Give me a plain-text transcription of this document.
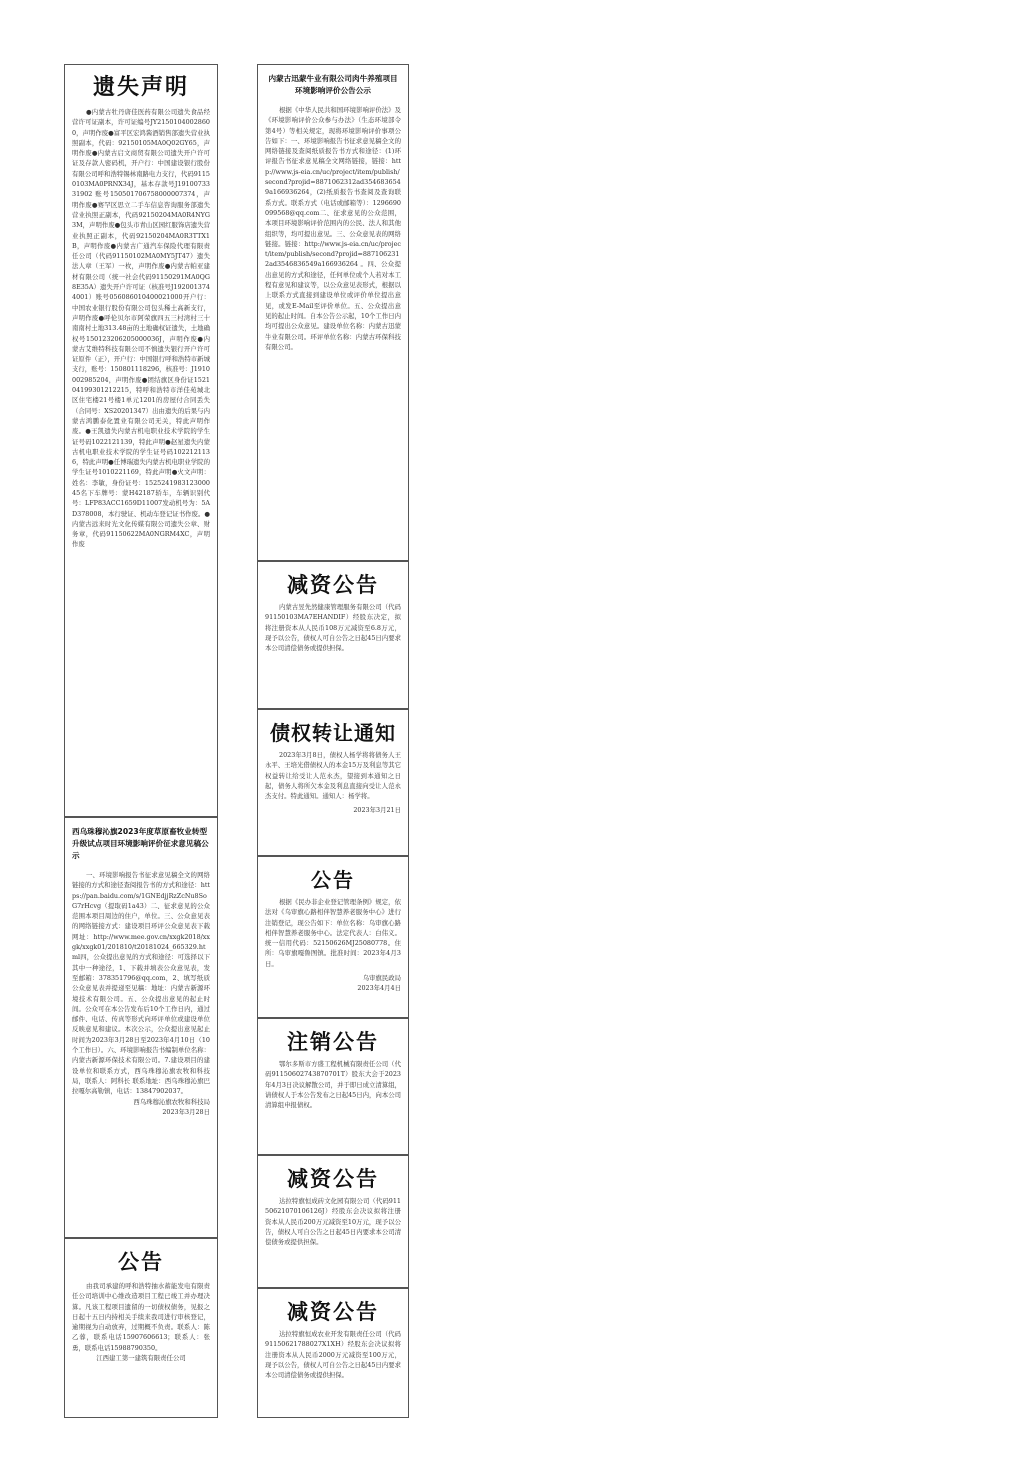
遗失声明
●内蒙古牡丹唐佳医药有限公司遗失食品经营许可证副本，许可证编号JY21501040028600，声明作废●富平区宏鸿酱酒销售部遗失营业执照副本，代码：92150105MA0Q02GY65，声明作废●内蒙古启文商贸有限公司遗失开户许可证及存款人密码机，开户行：中国建设银行股份有限公司呼和浩特锡林南路电力支行，代码91150103MA0PRNX34J，基本存款号J1910073331902 账号150501706758000007374，声明作废●赛罕区思立二手车信息咨询服务部遗失营业执照正副本，代码92150204MA0R4NYG3M，声明作废●包头市青山区园红服饰店遗失营业执照正副本，代码92150204MA0R3TTX1B，声明作废●内蒙古广通汽车保险代理有限责任公司（代码91150102MA0MY5JT47）遗失法人章（王军）一枚，声明作废●内蒙古帕亚建材有限公司（统一社会代码91150291MA0QG8E35A）遗失开户许可证（核准号J1920013744001）账号056086010400021000开户行：中国农业银行股份有限公司包头稀土高新支行，声明作废●呼伦贝尔市阿荣旗四五三村湾村三十南南村土地313.48亩的土地确权证遗失，土地确权号150123206205000036J，声明作废●内蒙古艾维特科技有限公司不慎遗失银行开户许可证原件（正），开户行：中国银行呼和浩特市新城支行，账号：150801118296，核准号：J1910002985204，声明作废●团结旗区身份证152104199301212215，特呼和浩特市洋佳苑城北区住宅楼21号楼1单元1201的房屋付合同丢失（合同号：XS20201347）出由遗失的后果与内蒙古鸿鹏泰化置业有限公司无关，特此声明作废。●王凯遗失内蒙古机电职业技术学院的学生证号码1022121139，特此声明●赵星遗失内蒙古机电职业技术学院的学生证号码1022121136，特此声明●任博瑞遗失内蒙古机电职业学院的学生证号1010221169，特此声明●火文声明：姓名：李敏，身份证号：152524198312300045名下车牌号：蒙H42187轿车，车辆识别代号：LFP83ACC1659D11007发动机号为：5AD378008，本行驶证、机动车登记证书作废。●内蒙古远来时光文化传媒有限公司遗失公章、财务章，代码91150622MA0NGRM4XC，声明作废
西乌珠穆沁旗2023年度草原畜牧业转型升级试点项目环境影响评价征求意见稿公示
一、环境影响报告书征求意见稿全文的网络链接的方式和途径查阅报告书的方式和途径：https://pan.baidu.com/s/1GNEdjjRzZcNu8SoG7rHcvg（提取码1a43）二、征求意见的公众范围本项目周边的住户，单位。三、公众意见表的网络链接方式：建设项目环评公众意见表下载网址：http://www.mee.gov.cn/xxgk2018/xxgk/xxgk01/201810/t20181024_665329.html四，公众提出意见的方式和途径：可选择以下其中一种途径，1、下载并填表公众意见表，发至邮箱：378351796@qq.com，2、填写纸质公众意见表并提递至见稿：地址：内蒙古新源环境技术有限公司。五、公众提出意见的起止时间。公众可在本公告发布后10个工作日内，通过邮件、电话、传真等形式向环评单位或建设单位反映意见和建议。本次公示，公众提出意见起止时间为2023年3月28日至2023年4月10日（10个工作日）。六、环境影响报告书编制单位名称：内蒙古新源环保技术有限公司。7.建设项目的建设单位和联系方式，西乌珠穆沁旗农牧和科技局，联系人：阿科长 联系地址：西乌珠穆沁旗巴拉嘎尔高勒镇，电话：13847902037。
西乌珠穆沁旗农牧和科技局
2023年3月28日
公告
由我司承建的呼和浩特抽水蓄能发电有限责任公司培训中心维改造项目工程已竣工并办理决算。凡该工程项目遗留的一切债权债务，见报之日起十五日内持相关手续来我司进行审核登记，逾期视为自动放弃，过期概不负责。联系人：陈乙蓉，联系电话15907606613；联系人：张勇，联系电话15988790350。
江西建工第一建筑有限责任公司
内蒙古迅蒙牛业有限公司肉牛养殖项目环境影响评价公告公示
根据《中华人民共和国环境影响评价法》及《环境影响评价公众参与办法》（生态环境部令第4号）等相关规定，现将环境影响评价事项公告如下：一、环境影响报告书征求意见稿全文的网络链接及查阅纸质报告书方式和途径：(1)环评报告书征求意见稿全文网络链接，链接：http://www.js-eia.cn/uc/project/item/publish/second?projid=8871062312ad3546836549a166936264，(2)纸质报告书查阅及查询联系方式。联系方式（电话或邮箱等）：1296690099568@qq.com二、征求意见的公众范围，本项目环境影响评价范围内的公民、法人和其他组织等，均可提出意见。三、公众意见表的网络链接。链接：http://www.js-eia.cn/uc/project/item/publish/second?projid=8871062312ad3546836549a166936264 。四、公众提出意见的方式和途径，任何单位或个人若对本工程有意见和建议等，以公众意见表形式，根据以上联系方式直接到建设单位或评价单位提出意见，或发E-Mail至评价单位。五、公众提出意见的起止时间。自本公告公示起，10个工作日内均可提出公众意见。建设单位名称：内蒙古迅蒙牛业有限公司。环评单位名称：内蒙古环保科技有限公司。
减资公告
内蒙古昱先然健康管理服务有限公司（代码91150103MA7EHANDIF）经股东决定，拟将注册资本从人民币108万元减资至6.8万元，现予以公告，债权人可自公告之日起45日内要求本公司清偿债务或提供担保。
债权转让通知
2023年3月8日，债权人杨学将将债务人王永平、王培光借债权人的本金15万及利息等其它权益转让给受让人范永杰，望接到本通知之日起，债务人将所欠本金及利息直接向受让人范永杰支付。特此通知。通知人：杨学将。
2023年3月21日
公告
根据《民办非企业登记管理条例》规定，依法对《乌审旗心路相伴智慧养老服务中心》进行注销登记，现公告如下：单位名称：乌审旗心路相伴智慧养老服务中心。法定代表人：白伟义。统一信用代码：52150626MJ25080778。住所：乌审旗嘎鲁图镇。批准时间：2023年4月3日。
乌审旗民政局
2023年4月4日
注销公告
鄂尔多斯市方盛工程机械有限责任公司（代码91150602743870701T）股东大会于2023年4月3日决议解散公司，并于即日成立清算组，请债权人于本公告发布之日起45日内，向本公司清算组申报债权。
减资公告
达拉特旗恒成砖文化园有限公司（代码91150621070106126J）经股东会决议拟将注册资本从人民币200万元减资至10万元，现予以公告，债权人可自公告之日起45日内要求本公司清偿债务或提供担保。
减资公告
达拉特旗恒成农业开发有限责任公司（代码91150621788027X1XH）经股东会决议拟将注册资本从人民币2000万元减资至100万元，现予以公告，债权人可自公告之日起45日内要求本公司清偿债务或提供担保。
